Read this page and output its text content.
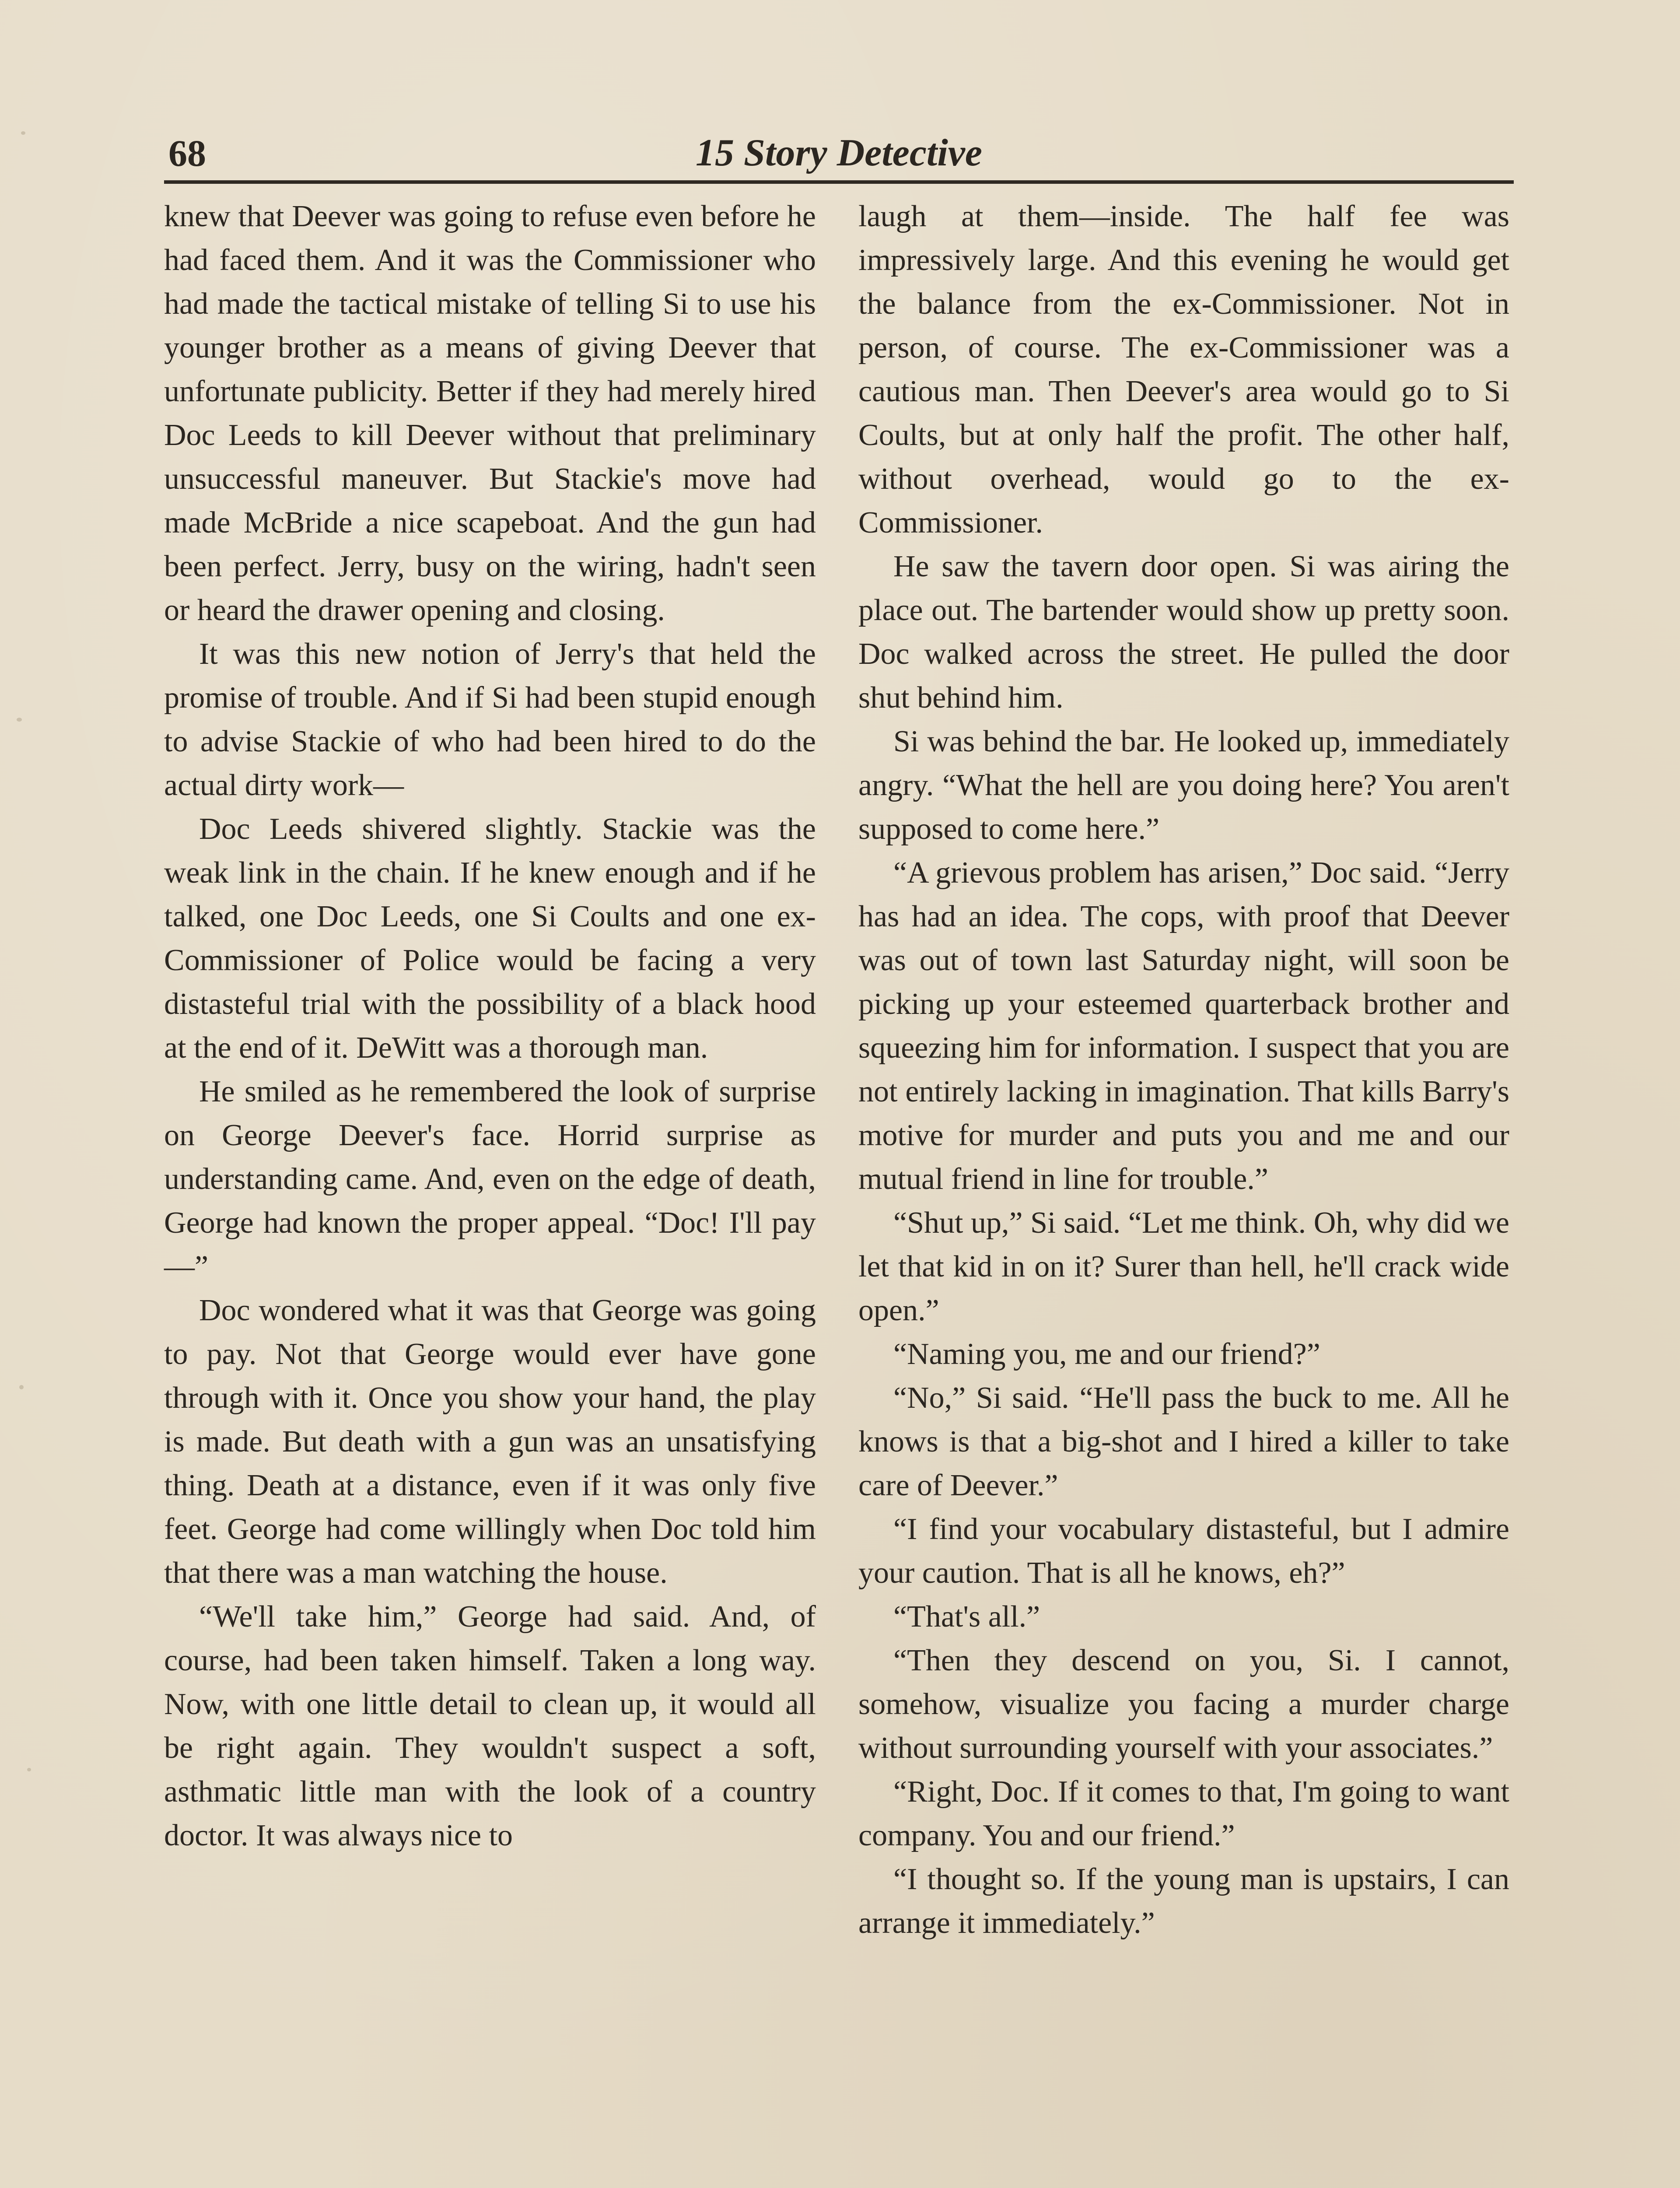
68	15 Story Detective

knew that Deever was going to refuse even before he had faced them. And it was the Commissioner who had made the tactical mistake of telling Si to use his younger brother as a means of giving Deever that unfortunate publicity. Better if they had merely hired Doc Leeds to kill Deever without that preliminary unsuccessful maneuver. But Stackie's move had made McBride a nice scapeboat. And the gun had been perfect. Jerry, busy on the wiring, hadn't seen or heard the drawer opening and closing.

It was this new notion of Jerry's that held the promise of trouble. And if Si had been stupid enough to advise Stackie of who had been hired to do the actual dirty work—

Doc Leeds shivered slightly. Stackie was the weak link in the chain. If he knew enough and if he talked, one Doc Leeds, one Si Coults and one ex-Commissioner of Police would be facing a very distasteful trial with the possibility of a black hood at the end of it. DeWitt was a thorough man.

He smiled as he remembered the look of surprise on George Deever's face. Horrid surprise as understanding came. And, even on the edge of death, George had known the proper appeal. “Doc! I'll pay—”

Doc wondered what it was that George was going to pay. Not that George would ever have gone through with it. Once you show your hand, the play is made. But death with a gun was an unsatisfying thing. Death at a distance, even if it was only five feet. George had come willingly when Doc told him that there was a man watching the house.

“We'll take him,” George had said. And, of course, had been taken himself. Taken a long way. Now, with one little detail to clean up, it would all be right again. They wouldn't suspect a soft, asthmatic little man with the look of a country doctor. It was always nice to

laugh at them—inside. The half fee was impressively large. And this evening he would get the balance from the ex-Commissioner. Not in person, of course. The ex-Commissioner was a cautious man. Then Deever's area would go to Si Coults, but at only half the profit. The other half, without overhead, would go to the ex-Commissioner.

He saw the tavern door open. Si was airing the place out. The bartender would show up pretty soon. Doc walked across the street. He pulled the door shut behind him.

Si was behind the bar. He looked up, immediately angry. “What the hell are you doing here? You aren't supposed to come here.”

“A grievous problem has arisen,” Doc said. “Jerry has had an idea. The cops, with proof that Deever was out of town last Saturday night, will soon be picking up your esteemed quarterback brother and squeezing him for information. I suspect that you are not entirely lacking in imagination. That kills Barry's motive for murder and puts you and me and our mutual friend in line for trouble.”

“Shut up,” Si said. “Let me think. Oh, why did we let that kid in on it? Surer than hell, he'll crack wide open.”

“Naming you, me and our friend?”

“No,” Si said. “He'll pass the buck to me. All he knows is that a big-shot and I hired a killer to take care of Deever.”

“I find your vocabulary distasteful, but I admire your caution. That is all he knows, eh?”

“That's all.”

“Then they descend on you, Si. I cannot, somehow, visualize you facing a murder charge without surrounding yourself with your associates.”

“Right, Doc. If it comes to that, I'm going to want company. You and our friend.”

“I thought so. If the young man is upstairs, I can arrange it immediately.”
